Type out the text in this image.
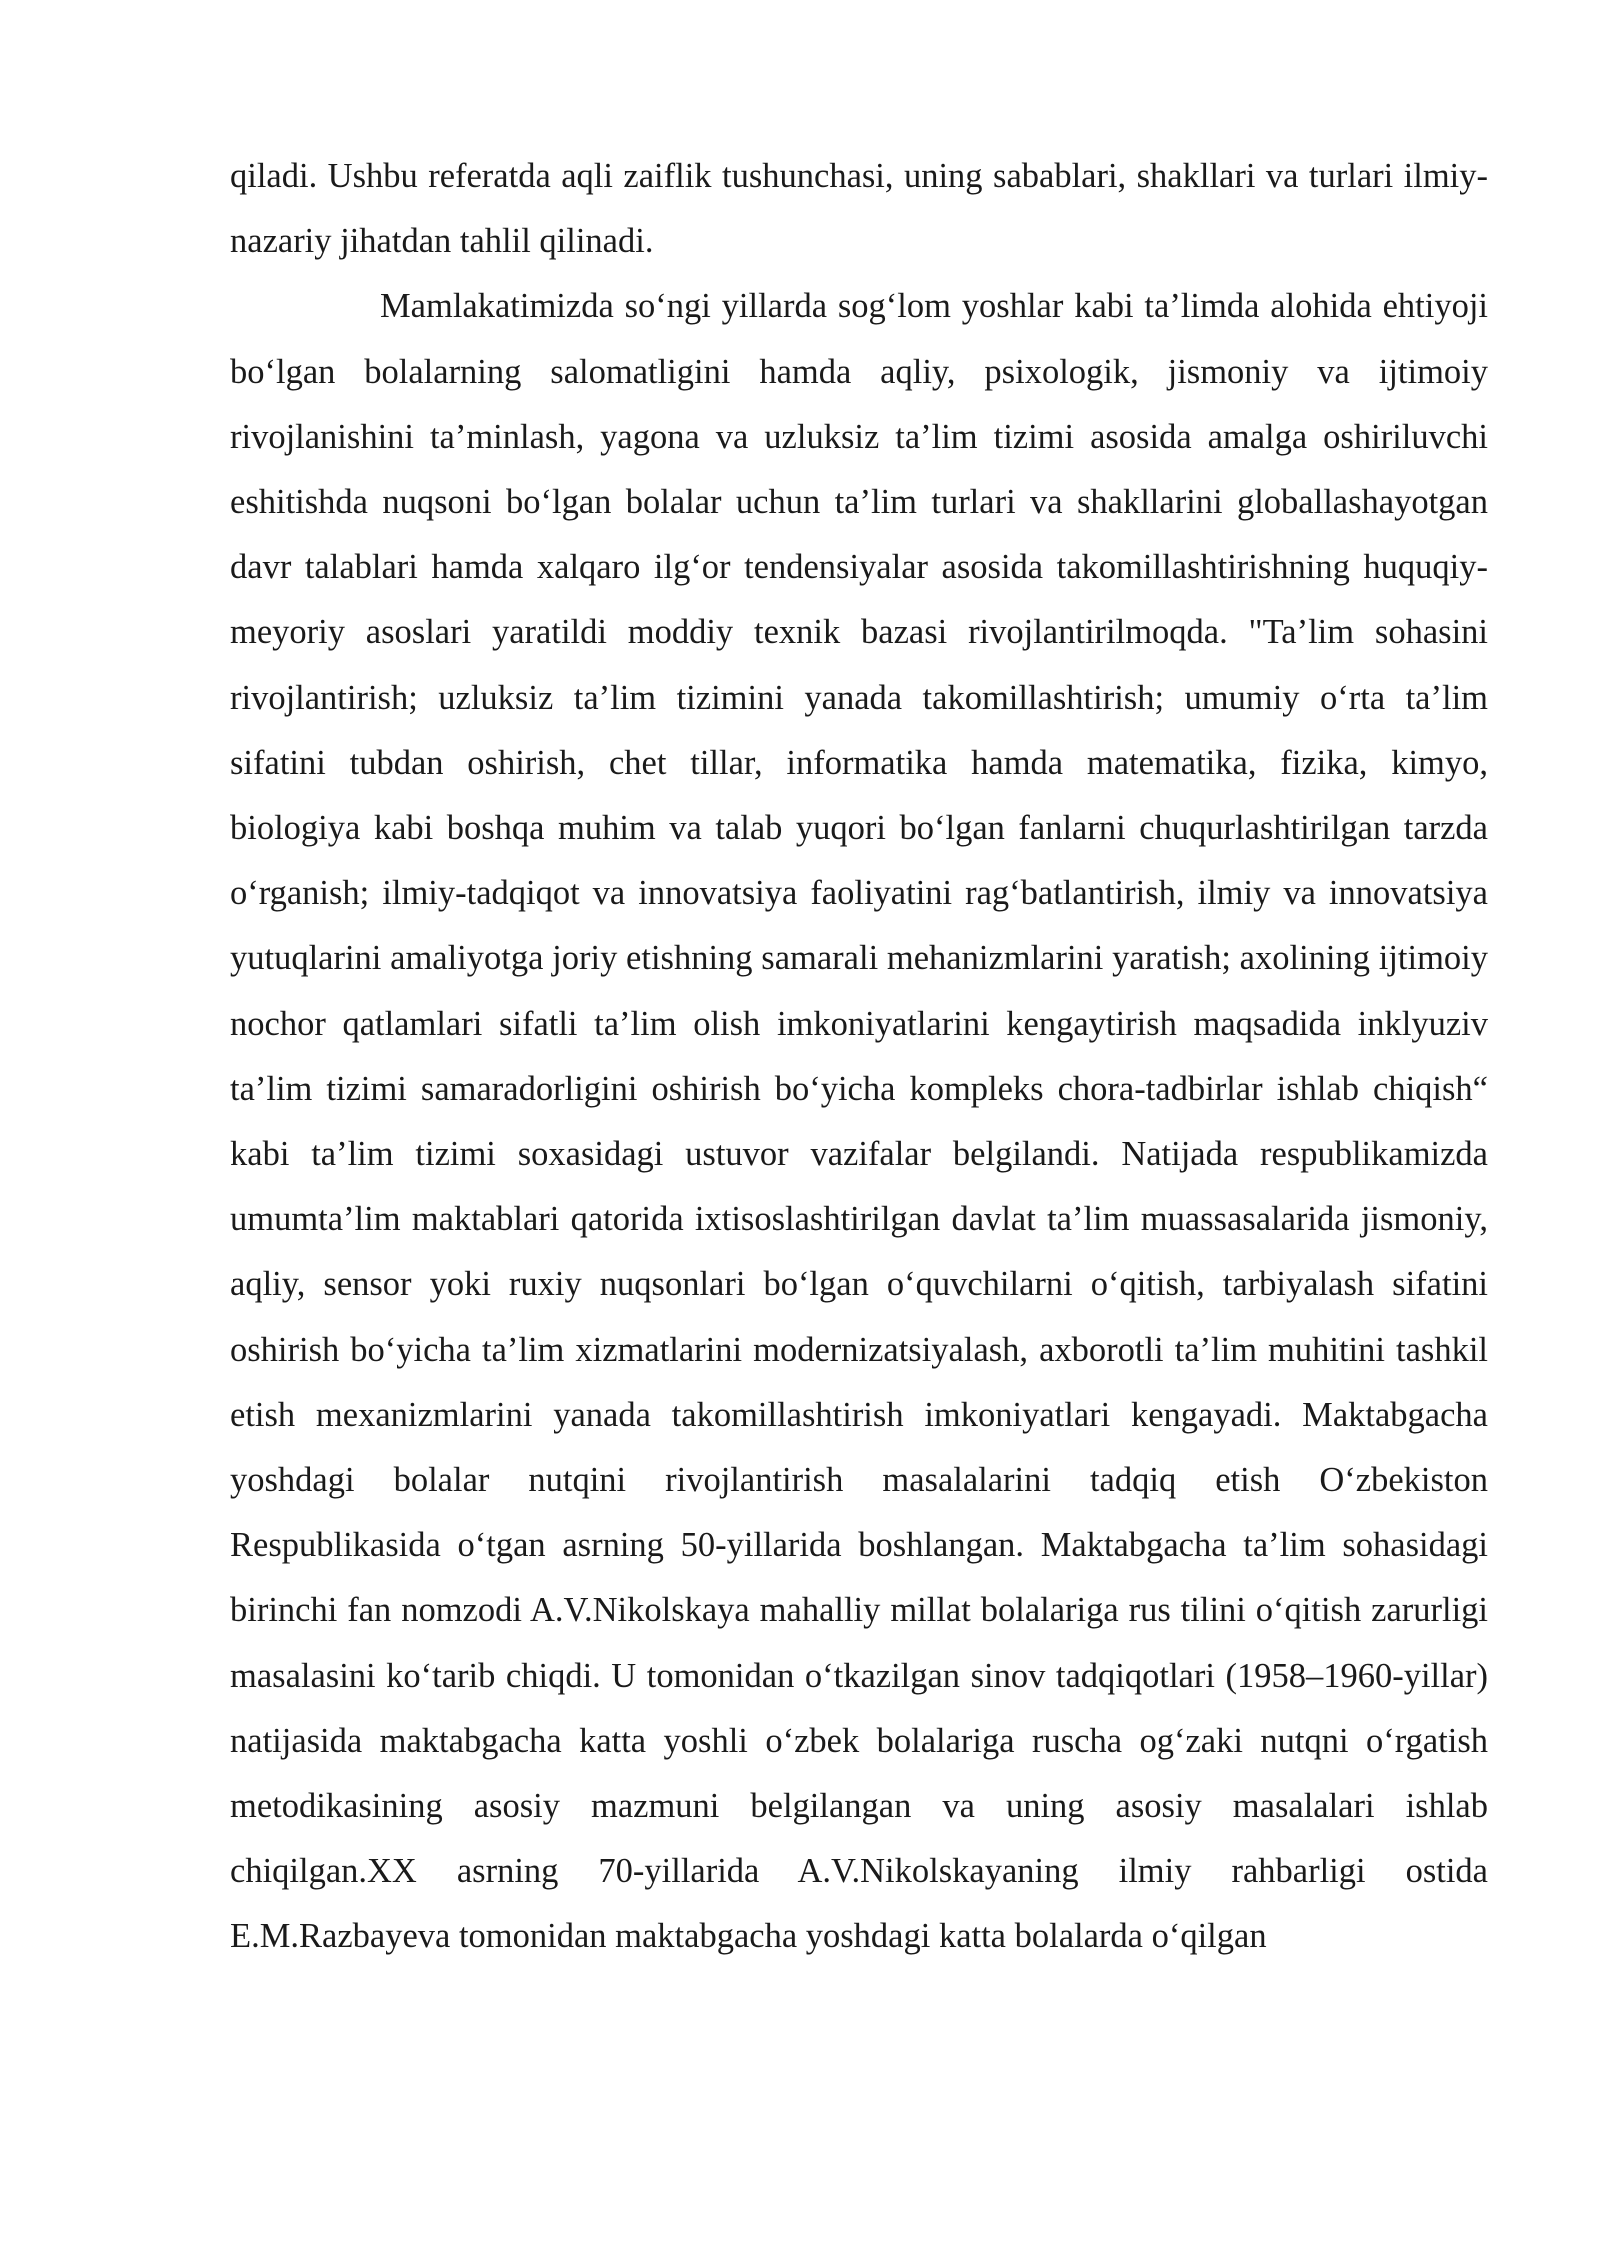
qiladi. Ushbu referatda aqli zaiflik tushunchasi, uning sabablari, shakllari va turlari ilmiy-nazariy jihatdan tahlil qilinadi.

Mamlakatimizda so‘ngi yillarda sog‘lom yoshlar kabi ta’limda alohida ehtiyoji bo‘lgan bolalarning salomatligini hamda aqliy, psixologik, jismoniy va ijtimoiy rivojlanishini ta’minlash, yagona va uzluksiz ta’lim tizimi asosida amalga oshiriluvchi eshitishda nuqsoni bo‘lgan bolalar uchun ta’lim turlari va shakllarini globallashayotgan davr talablari hamda xalqaro ilg‘or tendensiyalar asosida takomillashtirishning huquqiy-meyoriy asoslari yaratildi moddiy texnik bazasi rivojlantirilmoqda. "Ta’lim sohasini rivojlantirish; uzluksiz ta’lim tizimini yanada takomillashtirish; umumiy o‘rta ta’lim sifatini tubdan oshirish, chet tillar, informatika hamda matematika, fizika, kimyo, biologiya kabi boshqa muhim va talab yuqori bo‘lgan fanlarni chuqurlashtirilgan tarzda o‘rganish; ilmiy-tadqiqot va innovatsiya faoliyatini rag‘batlantirish, ilmiy va innovatsiya yutuqlarini amaliyotga joriy etishning samarali mehanizmlarini yaratish; axolining ijtimoiy nochor qatlamlari sifatli ta’lim olish imkoniyatlarini kengaytirish maqsadida inklyuziv ta’lim tizimi samaradorligini oshirish bo‘yicha kompleks chora-tadbirlar ishlab chiqish“ kabi ta’lim tizimi soxasidagi ustuvor vazifalar belgilandi. Natijada respublikamizda umumta’lim maktablari qatorida ixtisoslashtirilgan davlat ta’lim muassasalarida jismoniy, aqliy, sensor yoki ruxiy nuqsonlari bo‘lgan o‘quvchilarni o‘qitish, tarbiyalash sifatini oshirish bo‘yicha ta’lim xizmatlarini modernizatsiyalash, axborotli ta’lim muhitini tashkil etish mexanizmlarini yanada takomillashtirish imkoniyatlari kengayadi. Maktabgacha yoshdagi bolalar nutqini rivojlantirish masalalarini tadqiq etish O‘zbekiston Respublikasida o‘tgan asrning 50-yillarida boshlangan. Maktabgacha ta’lim sohasidagi birinchi fan nomzodi A.V.Nikolskaya mahalliy millat bolalariga rus tilini o‘qitish zarurligi masalasini ko‘tarib chiqdi. U tomonidan o‘tkazilgan sinov tadqiqotlari (1958–1960-yillar) natijasida maktabgacha katta yoshli o‘zbek bolalariga ruscha og‘zaki nutqni o‘rgatish metodikasining asosiy mazmuni belgilangan va uning asosiy masalalari ishlab chiqilgan.XX asrning 70-yillarida A.V.Nikolskayaning ilmiy rahbarligi ostida E.M.Razbayeva tomonidan maktabgacha yoshdagi katta bolalarda o‘qilgan
